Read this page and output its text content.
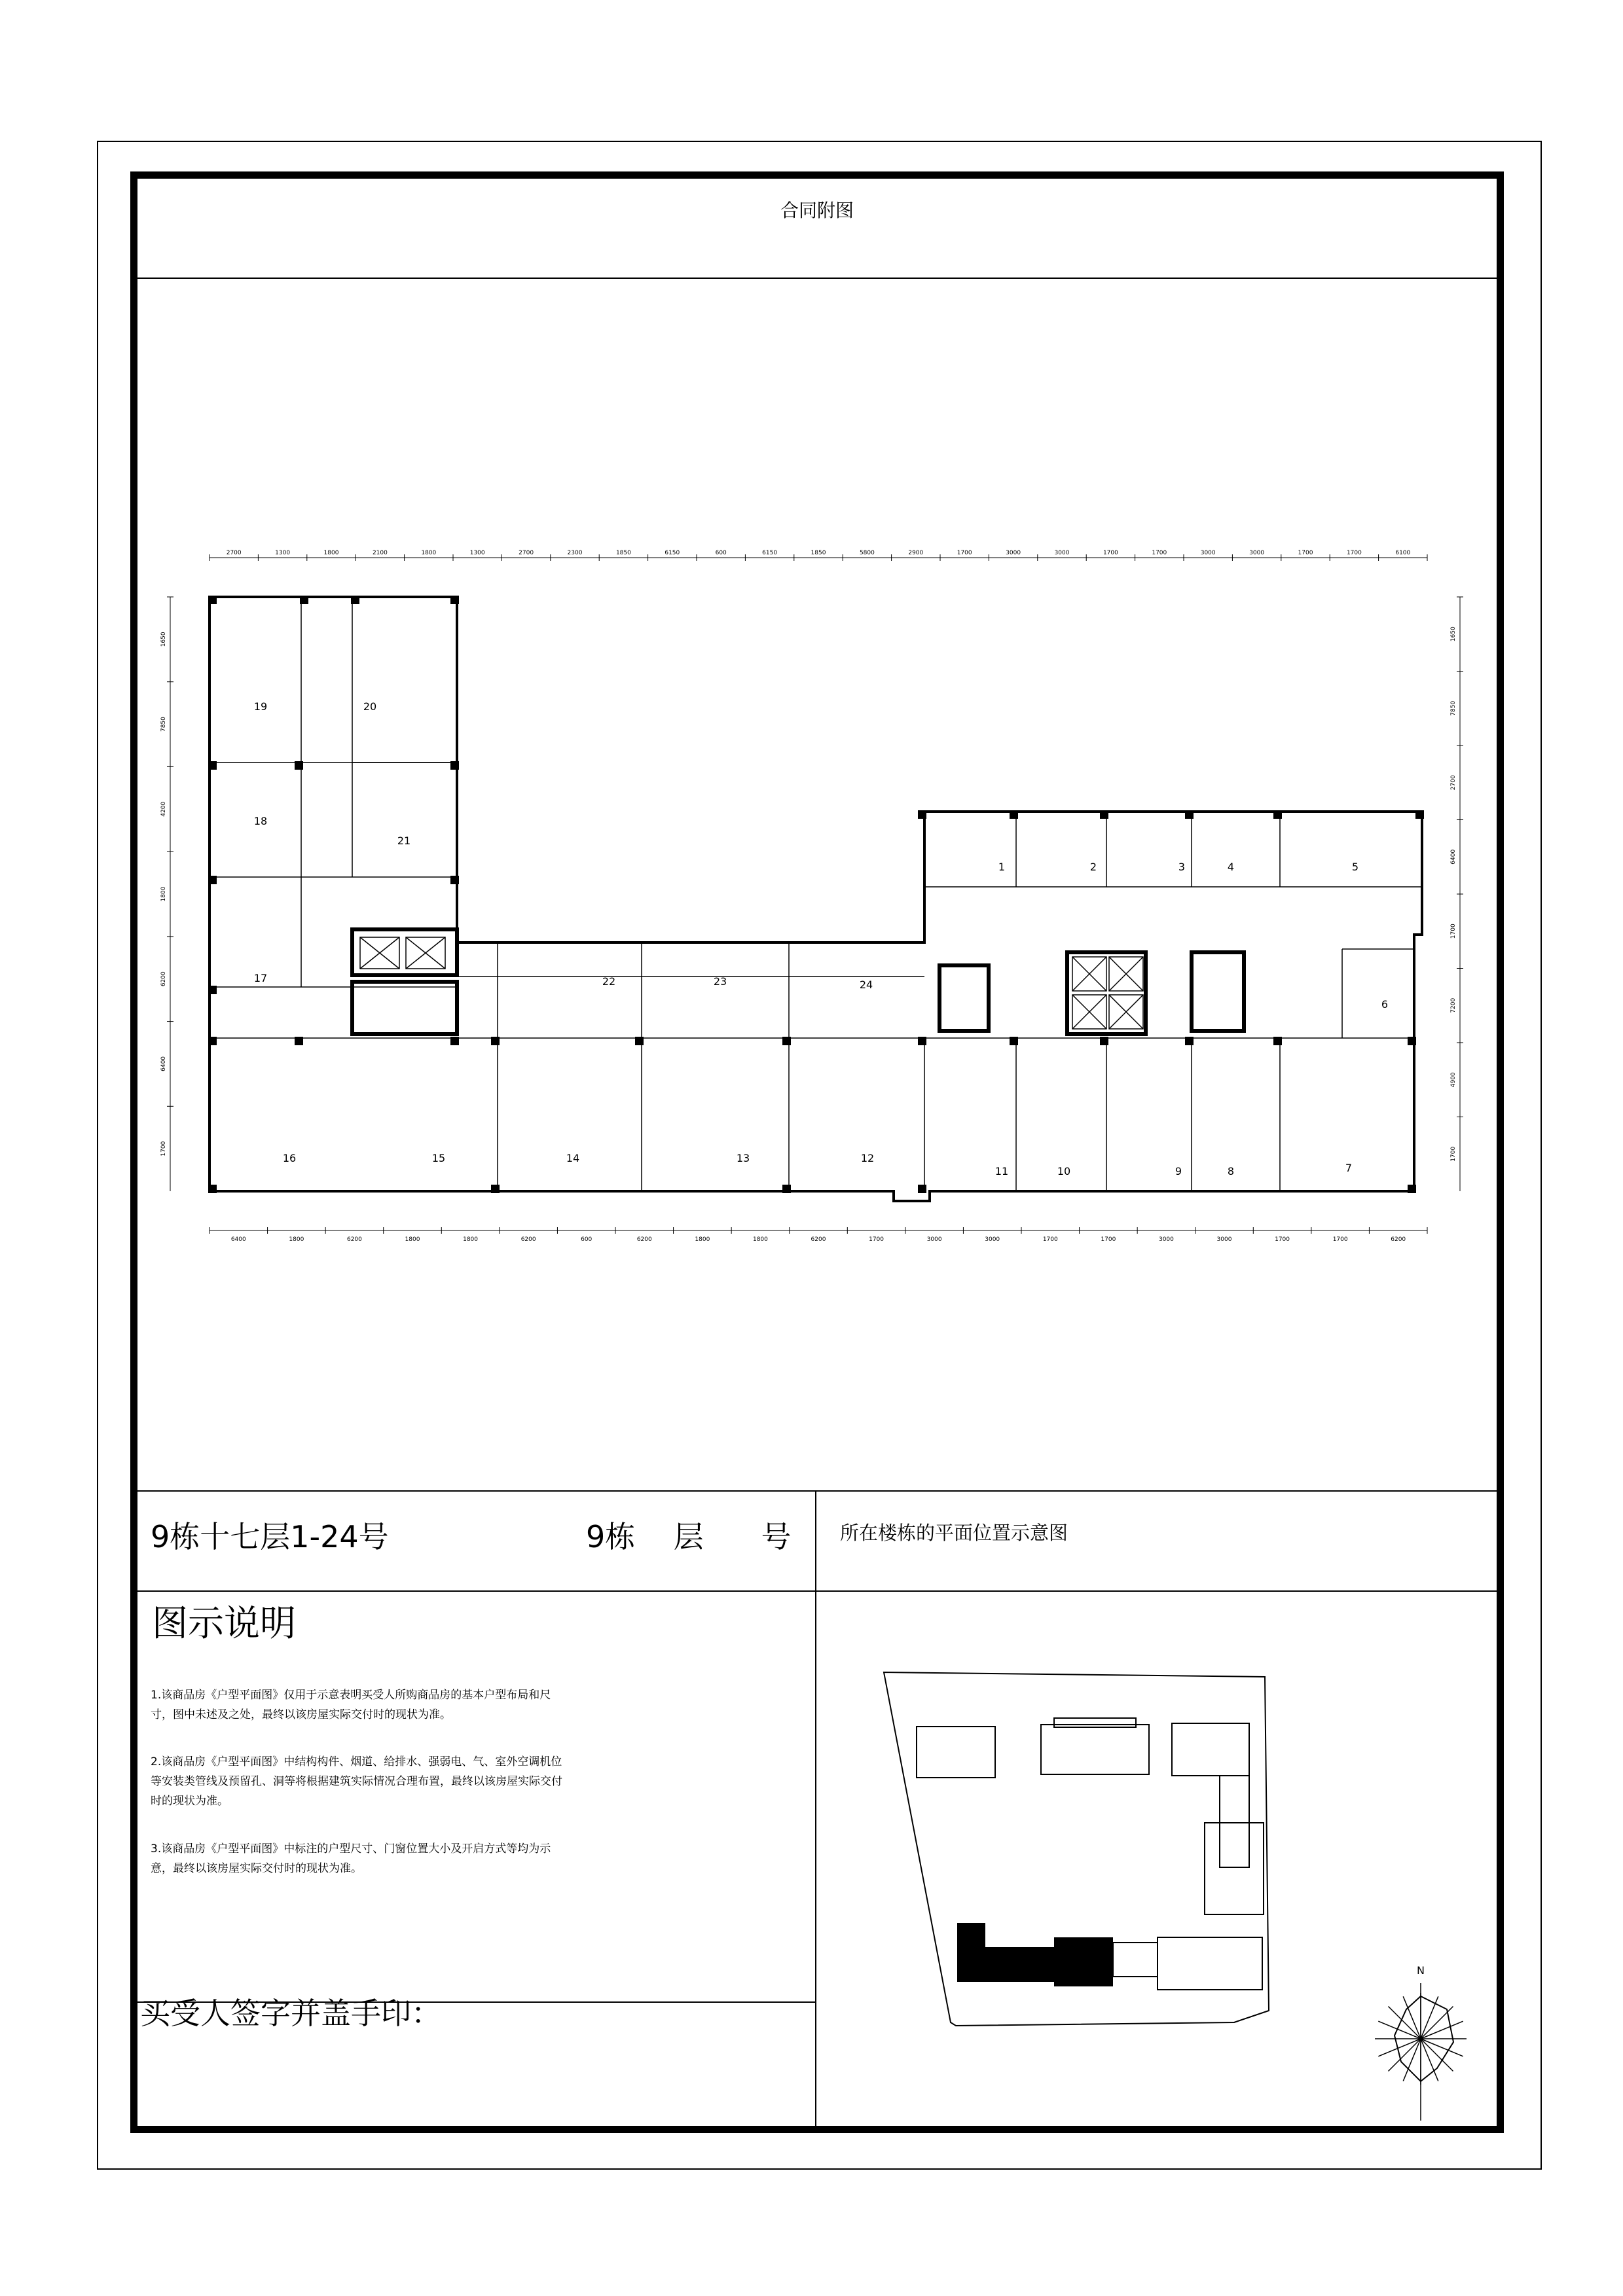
合同附图
2700	1300	1800	2100	1800	1300	2700	2300	1850	6150	600	6150	1850	5800	2900	1700	3000	3000	1700	1700	3000	3000	1700	1700	6100
6400	1800	6200	1800	1800	6200	600	6200	1800	1800	6200	1700	3000	3000	1700	1700	3000	3000	1700	1700	6200
1650
7850
4200
1800
6200
6400
1700
1650
7850
2700
6400
1700
7200
4900
1700
1	2	3	4	5
6
7
8
9
10
11
12
13
14
15
16
17
18
19	20
21
22	23	24
9栋十七层1-24号	9栋    层      号	所在楼栋的平面位置示意图
图示说明
1.该商品房《户型平面图》仅用于示意表明买受人所购商品房的基本户型布局和尺寸，图中未述及之处，最终以该房屋实际交付时的现状为准。
2.该商品房《户型平面图》中结构构件、烟道、给排水、强弱电、气、室外空调机位等安装类管线及预留孔、洞等将根据建筑实际情况合理布置，最终以该房屋实际交付时的现状为准。
3.该商品房《户型平面图》中标注的户型尺寸、门窗位置大小及开启方式等均为示意，最终以该房屋实际交付时的现状为准。
买受人签字并盖手印：
N
